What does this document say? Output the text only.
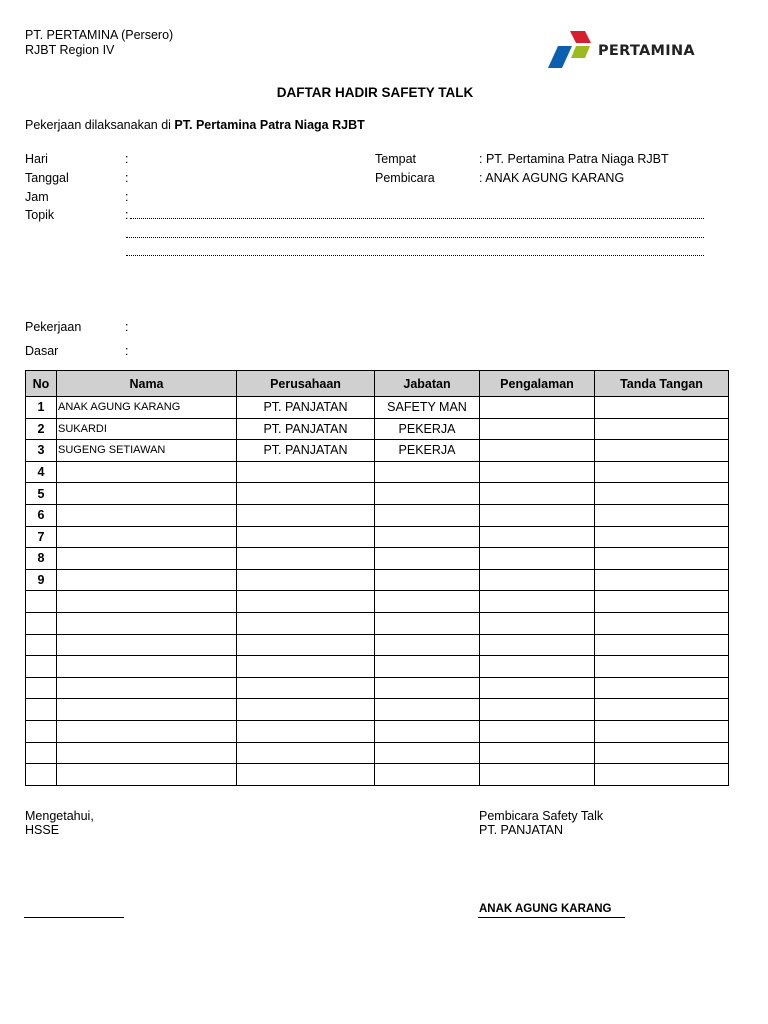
PT. PERTAMINA (Persero)
RJBT Region IV	PERTAMINA
DAFTAR HADIR SAFETY TALK
Pekerjaan dilaksanakan di PT. Pertamina Patra Niaga RJBT
Hari	:
Tanggal	:
Jam	:
Topik	:
Tempat	: PT. Pertamina Patra Niaga RJBT
Pembicara	: ANAK AGUNG KARANG
Pekerjaan	:
Dasar	:
No	Nama	Perusahaan	Jabatan	Pengalaman	Tanda Tangan
1	ANAK AGUNG KARANG	PT. PANJATAN	SAFETY MAN		
2	SUKARDI	PT. PANJATAN	PEKERJA		
3	SUGENG SETIAWAN	PT. PANJATAN	PEKERJA		
4					
5					
6					
7					
8					
9					

Mengetahui,
HSSE
Pembicara Safety Talk
PT. PANJATAN
ANAK AGUNG KARANG
